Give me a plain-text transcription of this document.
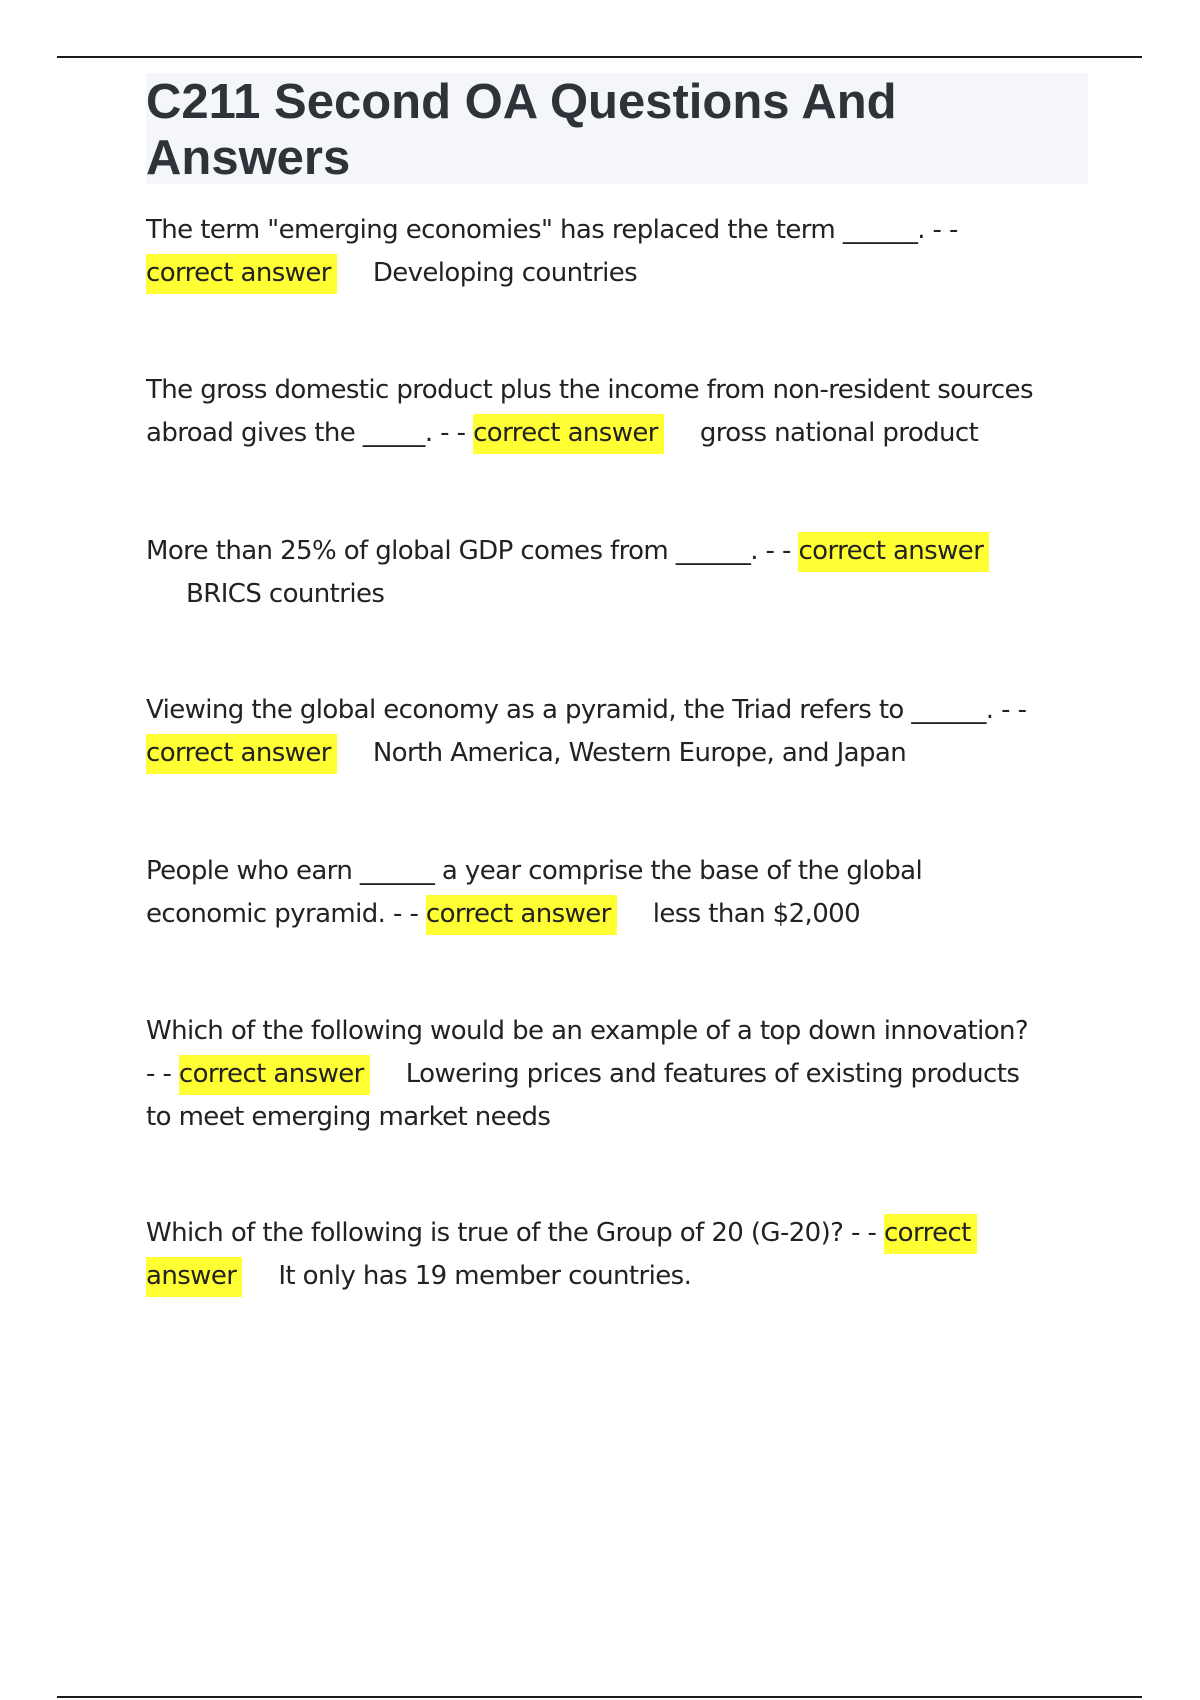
C211 Second OA Questions And Answers
The term "emerging economies" has replaced the term ______. - -
correct answer Developing countries
The gross domestic product plus the income from non-resident sources abroad gives the _____. - - correct answer gross national product
More than 25% of global GDP comes from ______. - - correct answer
BRICS countries
Viewing the global economy as a pyramid, the Triad refers to ______. - -
correct answer North America, Western Europe, and Japan
People who earn ______ a year comprise the base of the global
economic pyramid. - - correct answer less than $2,000
Which of the following would be an example of a top down innovation?
- - correct answer Lowering prices and features of existing products
to meet emerging market needs
Which of the following is true of the Group of 20 (G-20)? - - correct
answer It only has 19 member countries.
